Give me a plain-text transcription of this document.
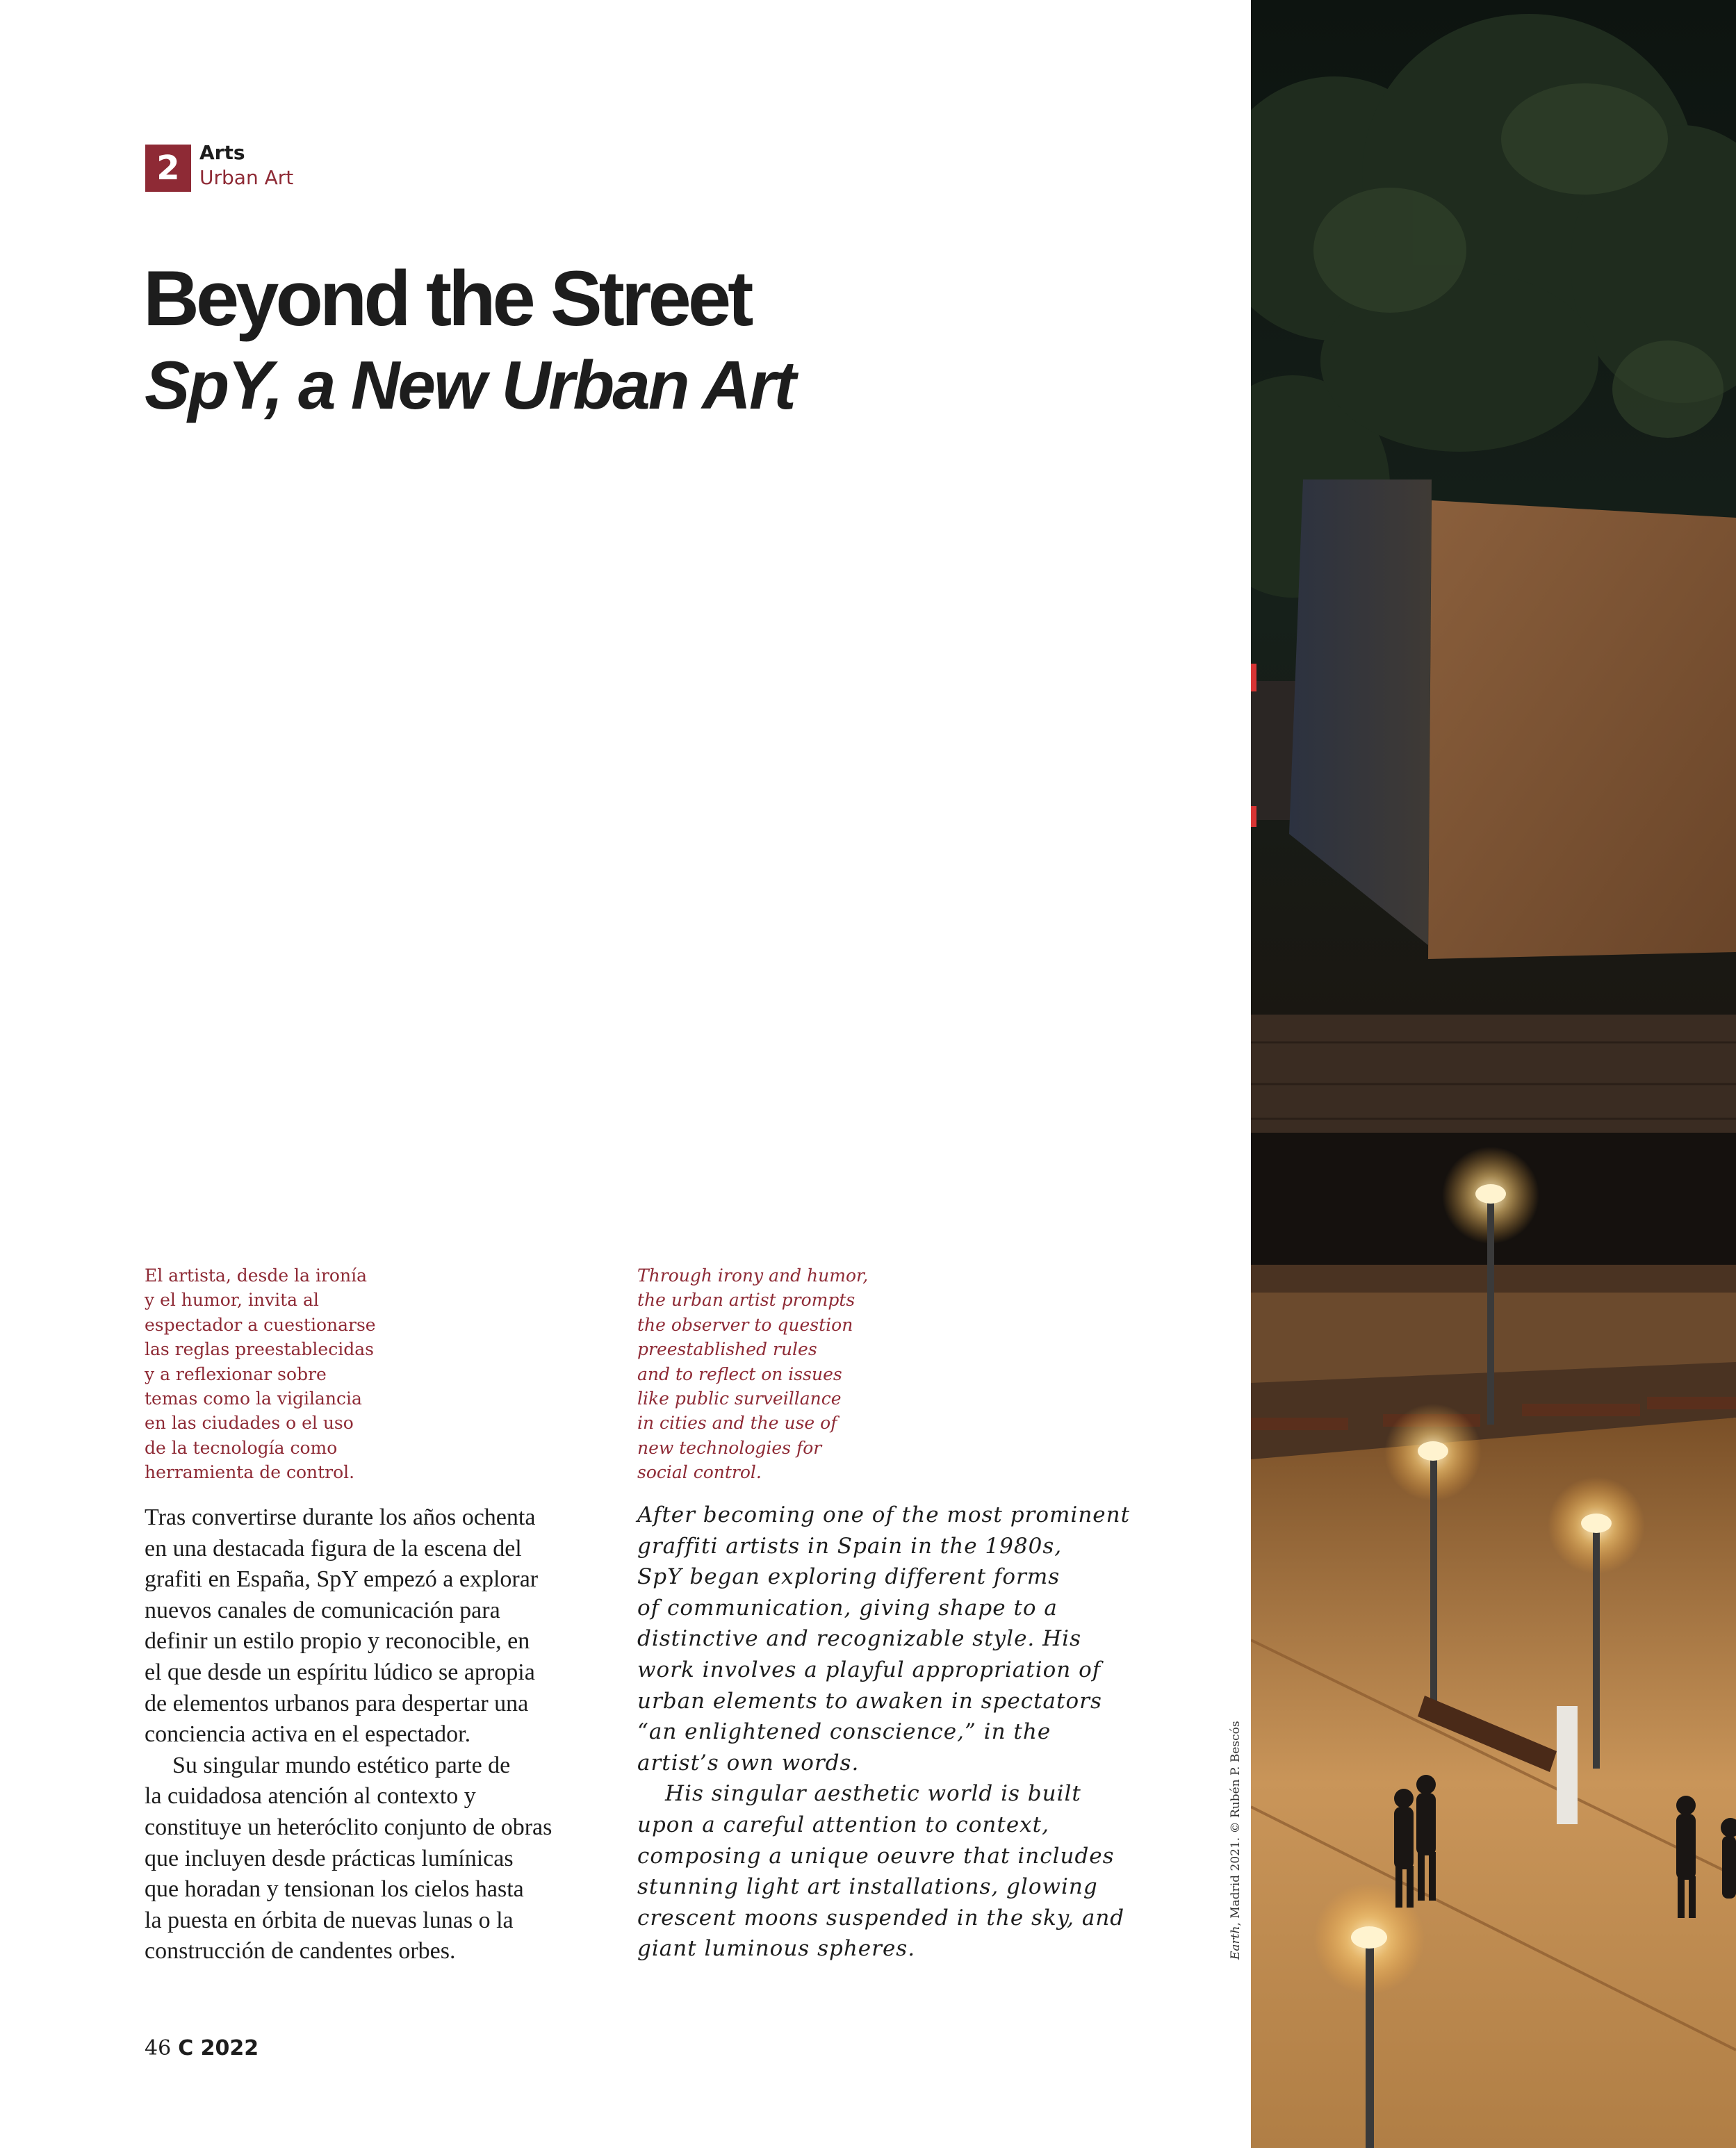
2	Arts
Urban Art
Beyond the Street
SpY, a New Urban Art

El artista, desde la ironía
y el humor, invita al
espectador a cuestionarse
las reglas preestablecidas
y a reflexionar sobre
temas como la vigilancia
en las ciudades o el uso
de la tecnología como
herramienta de control.

Through irony and humor,
the urban artist prompts
the observer to question
preestablished rules
and to reflect on issues
like public surveillance
in cities and the use of
new technologies for
social control.

Tras convertirse durante los años ochenta
en una destacada figura de la escena del
grafiti en España, SpY empezó a explorar
nuevos canales de comunicación para
definir un estilo propio y reconocible, en
el que desde un espíritu lúdico se apropia
de elementos urbanos para despertar una
conciencia activa en el espectador.

Su singular mundo estético parte de
la cuidadosa atención al contexto y
constituye un heteróclito conjunto de obras
que incluyen desde prácticas lumínicas
que horadan y tensionan los cielos hasta
la puesta en órbita de nuevas lunas o la
construcción de candentes orbes.

After becoming one of the most prominent
graffiti artists in Spain in the 1980s,
SpY began exploring different forms
of communication, giving shape to a
distinctive and recognizable style. His
work involves a playful appropriation of
urban elements to awaken in spectators
“an enlightened conscience,” in the
artist’s own words.

His singular aesthetic world is built
upon a careful attention to context,
composing a unique oeuvre that includes
stunning light art installations, glowing
crescent moons suspended in the sky, and
giant luminous spheres.

46 C 2022
Earth, Madrid 2021. © Rubén P. Bescós
